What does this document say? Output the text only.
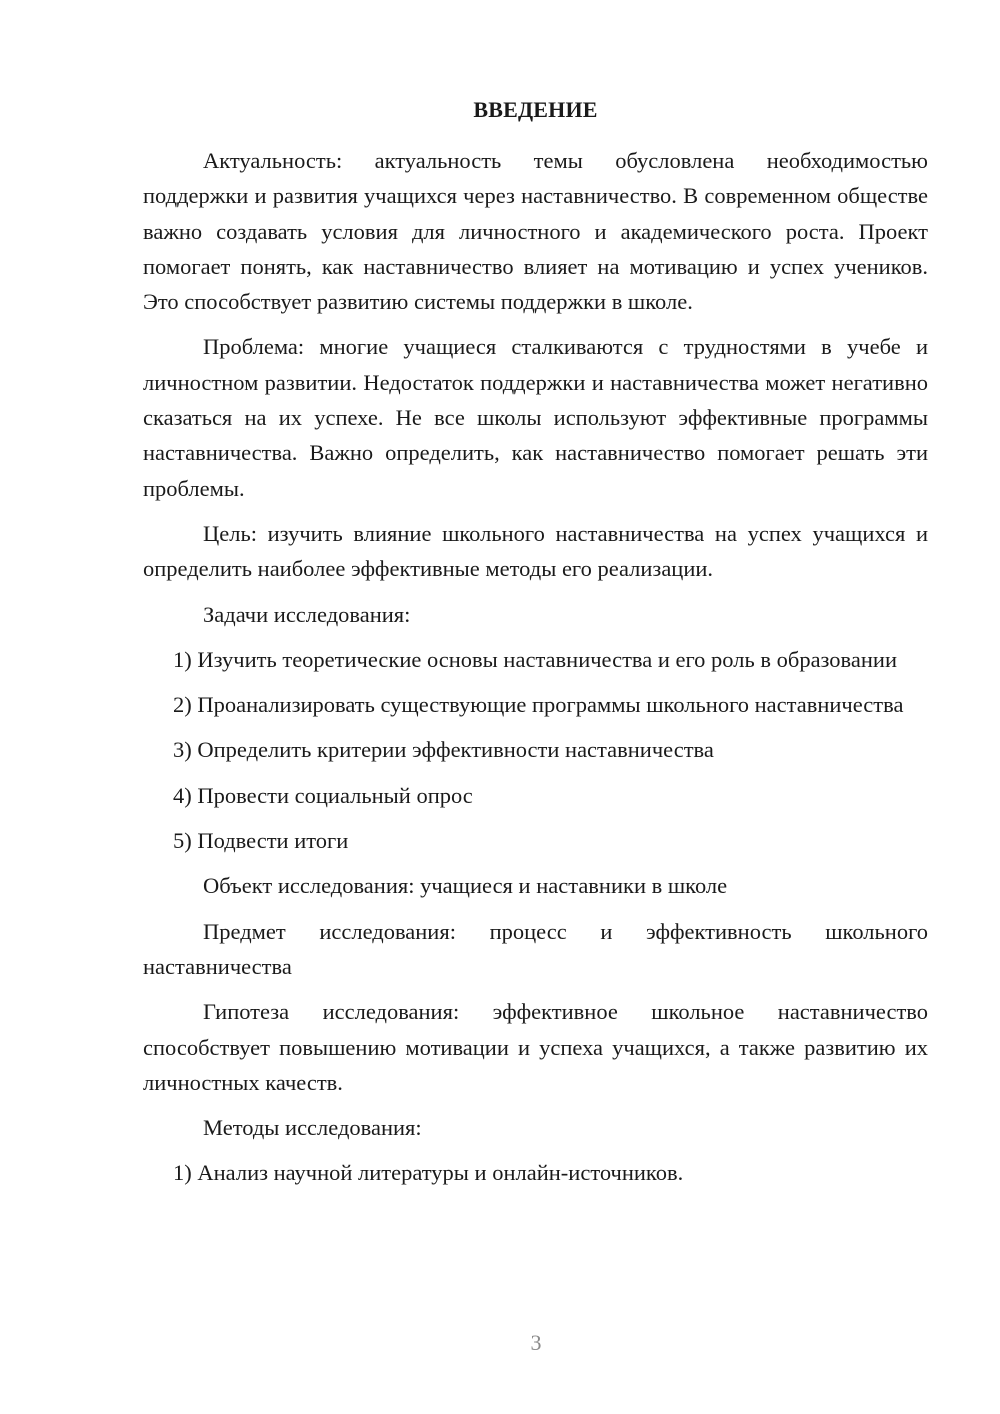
ВВЕДЕНИЕ

Актуальность: актуальность темы обусловлена необходимостью поддержки и развития учащихся через наставничество. В современном обществе важно создавать условия для личностного и академического роста. Проект помогает понять, как наставничество влияет на мотивацию и успех учеников. Это способствует развитию системы поддержки в школе.

Проблема: многие учащиеся сталкиваются с трудностями в учебе и личностном развитии. Недостаток поддержки и наставничества может негативно сказаться на их успехе. Не все школы используют эффективные программы наставничества. Важно определить, как наставничество помогает решать эти проблемы.

Цель: изучить влияние школьного наставничества на успех учащихся и определить наиболее эффективные методы его реализации.

Задачи исследования:

1) Изучить теоретические основы наставничества и его роль в образовании

2) Проанализировать существующие программы школьного наставничества

3) Определить критерии эффективности наставничества

4) Провести социальный опрос

5) Подвести итоги

Объект исследования: учащиеся и наставники в школе

Предмет исследования: процесс и эффективность школьного наставничества

Гипотеза исследования: эффективное школьное наставничество способствует повышению мотивации и успеха учащихся, а также развитию их личностных качеств.

Методы исследования:

1) Анализ научной литературы и онлайн-источников.

3
